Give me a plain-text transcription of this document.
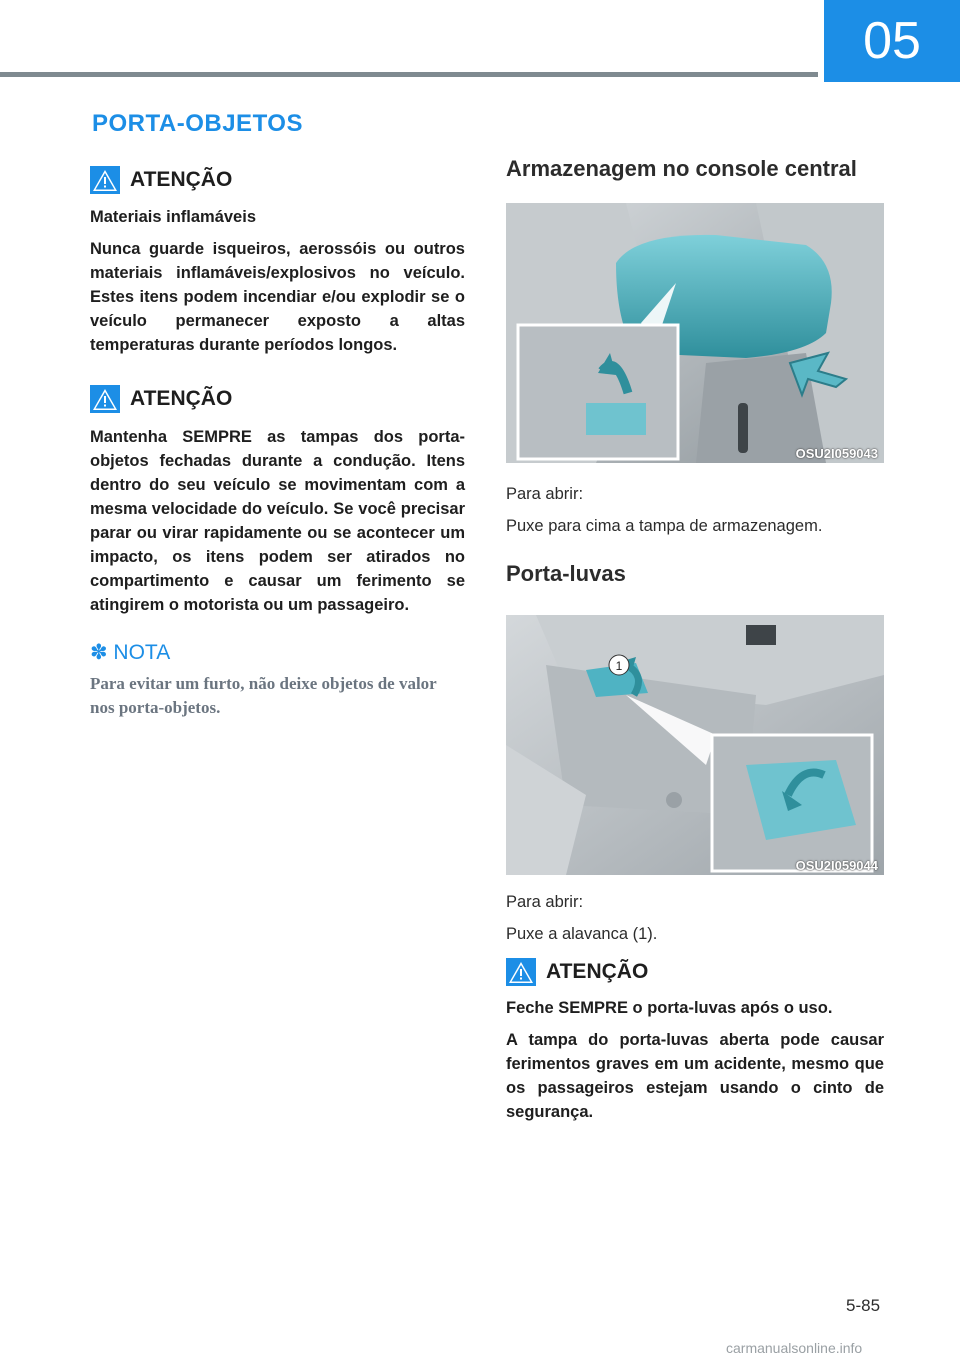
05
PORTA-OBJETOS
ATENÇÃO

Materiais inflamáveis

Nunca guarde isqueiros, aerossóis ou outros materiais inflamáveis/explosivos no veículo. Estes itens podem incendiar e/ou explodir se o veículo permanecer exposto a altas temperaturas durante períodos longos.

ATENÇÃO

Mantenha SEMPRE as tampas dos porta-objetos fechadas durante a condução. Itens dentro do seu veículo se movimentam com a mesma velocidade do veículo. Se você precisar parar ou virar rapidamente ou se acontecer um impacto, os itens podem ser atirados no compartimento e causar um ferimento se atingirem o motorista ou um passageiro.

✽ NOTA
Para evitar um furto, não deixe objetos de valor nos porta-objetos.
Armazenagem no console central
OSU2I059043

Para abrir:

Puxe para cima a tampa de armazenagem.

Porta-luvas
1
OSU2I059044

Para abrir:

Puxe a alavanca (1).

ATENÇÃO

Feche SEMPRE o porta-luvas após o uso.

A tampa do porta-luvas aberta pode causar ferimentos graves em um acidente, mesmo que os passageiros estejam usando o cinto de segurança.

5-85
carmanualsonline.info
